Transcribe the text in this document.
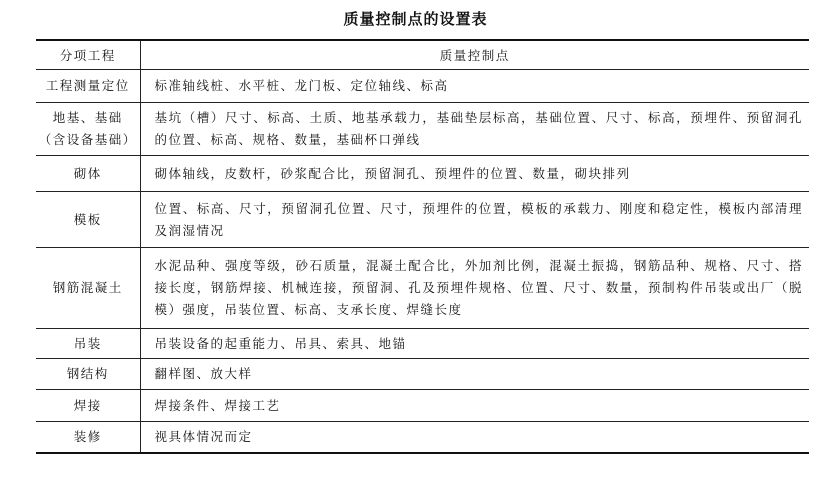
质量控制点的设置表
分项工程	质量控制点
工程测量定位	标准轴线桩、水平桩、龙门板、定位轴线、标高
地基、基础
（含设备基础）	基坑（槽）尺寸、标高、土质、地基承载力，基础垫层标高，基础位置、尺寸、标高，预埋件、预留洞孔的位置、标高、规格、数量，基础杯口弹线
砌体	砌体轴线，皮数杆，砂浆配合比，预留洞孔、预埋件的位置、数量，砌块排列
模板	位置、标高、尺寸，预留洞孔位置、尺寸，预埋件的位置，模板的承载力、刚度和稳定性，模板内部清理及润湿情况
钢筋混凝土	水泥品种、强度等级，砂石质量，混凝土配合比，外加剂比例，混凝土振捣，钢筋品种、规格、尺寸、搭接长度，钢筋焊接、机械连接，预留洞、孔及预埋件规格、位置、尺寸、数量，预制构件吊装或出厂（脱模）强度，吊装位置、标高、支承长度、焊缝长度
吊装	吊装设备的起重能力、吊具、索具、地锚
钢结构	翻样图、放大样
焊接	焊接条件、焊接工艺
装修	视具体情况而定
